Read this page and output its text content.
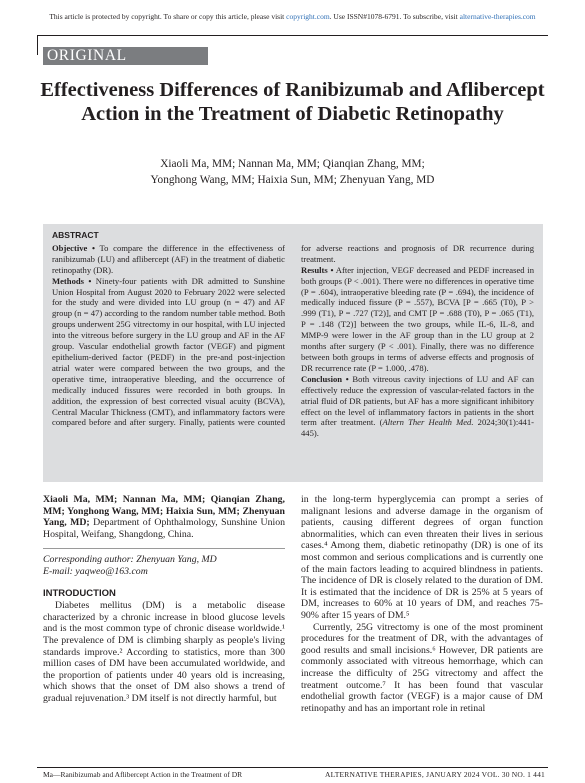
This article is protected by copyright. To share or copy this article, please visit copyright.com. Use ISSN#1078-6791. To subscribe, visit alternative-therapies.com
ORIGINAL RESEARCH
Effectiveness Differences of Ranibizumab and Aflibercept Action in the Treatment of Diabetic Retinopathy
Xiaoli Ma, MM; Nannan Ma, MM; Qianqian Zhang, MM;
Yonghong Wang, MM; Haixia Sun, MM; Zhenyuan Yang, MD
ABSTRACT

Objective • To compare the difference in the effectiveness of ranibizumab (LU) and aflibercept (AF) in the treatment of diabetic retinopathy (DR).

Methods • Ninety-four patients with DR admitted to Sunshine Union Hospital from August 2020 to February 2022 were selected for the study and were divided into LU group (n = 47) and AF group (n = 47) according to the random number table method. Both groups underwent 25G vitrectomy in our hospital, with LU injected into the vitreous before surgery in the LU group and AF in the AF group. Vascular endothelial growth factor (VEGF) and pigment epithelium-derived factor (PEDF) in the pre-and post-injection atrial water were compared between the two groups, and the operative time, intraoperative bleeding, and the occurrence of medically induced fissures were recorded in both groups. In addition, the expression of best corrected visual acuity (BCVA), Central Macular Thickness (CMT), and inflammatory factors were compared before and after surgery. Finally, patients were counted for adverse reactions and prognosis of DR recurrence during treatment.

Results • After injection, VEGF decreased and PEDF increased in both groups (P < .001). There were no differences in operative time (P = .604), intraoperative bleeding rate (P = .694), the incidence of medically induced fissure (P = .557), BCVA [P = .665 (T0), P > .999 (T1), P = .727 (T2)], and CMT [P = .688 (T0), P = .065 (T1), P = .148 (T2)] between the two groups, while IL-6, IL-8, and MMP-9 were lower in the AF group than in the LU group at 2 months after surgery (P < .001). Finally, there was no difference between both groups in terms of adverse effects and prognosis of DR recurrence rate (P = 1.000, .478).

Conclusion • Both vitreous cavity injections of LU and AF can effectively reduce the expression of vascular-related factors in the atrial fluid of DR patients, but AF has a more significant inhibitory effect on the level of inflammatory factors in patients in the short term after treatment. (Altern Ther Health Med. 2024;30(1):441-445).

Xiaoli Ma, MM; Nannan Ma, MM; Qianqian Zhang, MM; Yonghong Wang, MM; Haixia Sun, MM; Zhenyuan Yang, MD; Department of Ophthalmology, Sunshine Union Hospital, Weifang, Shangdong, China.

Corresponding author: Zhenyuan Yang, MD

E-mail: yaqweo@163.com

INTRODUCTION

Diabetes mellitus (DM) is a metabolic disease characterized by a chronic increase in blood glucose levels and is the most common type of chronic disease worldwide.¹ The prevalence of DM is climbing sharply as people's living standards improve.² According to statistics, more than 300 million cases of DM have been accumulated worldwide, and the proportion of patients under 40 years old is increasing, which shows that the onset of DM also shows a trend of gradual rejuvenation.³ DM itself is not directly harmful, but

in the long-term hyperglycemia can prompt a series of malignant lesions and adverse damage in the organism of patients, causing different degrees of organ function abnormalities, which can even threaten their lives in serious cases.⁴ Among them, diabetic retinopathy (DR) is one of its most common and serious complications and is currently one of the main factors leading to acquired blindness in patients. The incidence of DR is closely related to the duration of DM. It is estimated that the incidence of DR is 25% at 5 years of DM, increases to 60% at 10 years of DM, and reaches 75-90% after 15 years of DM.⁵

Currently, 25G vitrectomy is one of the most prominent procedures for the treatment of DR, with the advantages of good results and small incisions.⁶ However, DR patients are commonly associated with vitreous hemorrhage, which can increase the difficulty of 25G vitrectomy and affect the treatment outcome.⁷ It has been found that vascular endothelial growth factor (VEGF) is a major cause of DM retinopathy and has an important role in retinal

Ma—Ranibizumab and Aflibercept Action in the Treatment of DR	ALTERNATIVE THERAPIES, JANUARY 2024 VOL. 30 NO. 1 441
